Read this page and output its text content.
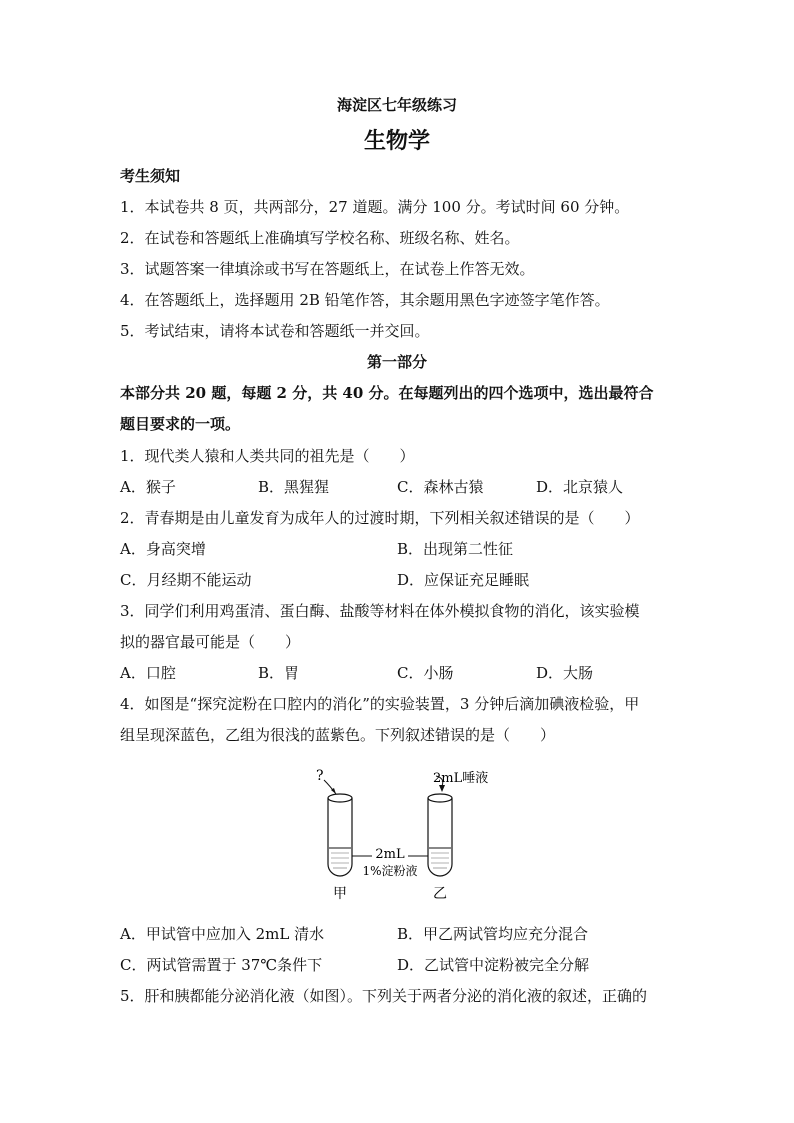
海淀区七年级练习
生物学
考生须知
1．本试卷共 8 页，共两部分，27 道题。满分 100 分。考试时间 60 分钟。
2．在试卷和答题纸上准确填写学校名称、班级名称、姓名。
3．试题答案一律填涂或书写在答题纸上，在试卷上作答无效。
4．在答题纸上，选择题用 2B 铅笔作答，其余题用黑色字迹签字笔作答。
5．考试结束，请将本试卷和答题纸一并交回。
第一部分
本部分共 20 题，每题 2 分，共 40 分。在每题列出的四个选项中，选出最符合
题目要求的一项。
1．现代类人猿和人类共同的祖先是（　　）
A．猴子	B．黑猩猩	C．森林古猿	D．北京猿人
2．青春期是由儿童发育为成年人的过渡时期，下列相关叙述错误的是（　　）
A．身高突增	B．出现第二性征
C．月经期不能运动	D．应保证充足睡眠
3．同学们利用鸡蛋清、蛋白酶、盐酸等材料在体外模拟食物的消化，该实验模
拟的器官最可能是（　　）
A．口腔	B．胃	C．小肠	D．大肠
4．如图是“探究淀粉在口腔内的消化”的实验装置，3 分钟后滴加碘液检验，甲
组呈现深蓝色，乙组为很浅的蓝紫色。下列叙述错误的是（　　）
?	2mL唾液
2mL
1%淀粉液
甲	乙
A．甲试管中应加入 2mL 清水	B．甲乙两试管均应充分混合
C．两试管需置于 37℃条件下	D．乙试管中淀粉被完全分解
5．肝和胰都能分泌消化液（如图）。下列关于两者分泌的消化液的叙述，正确的
